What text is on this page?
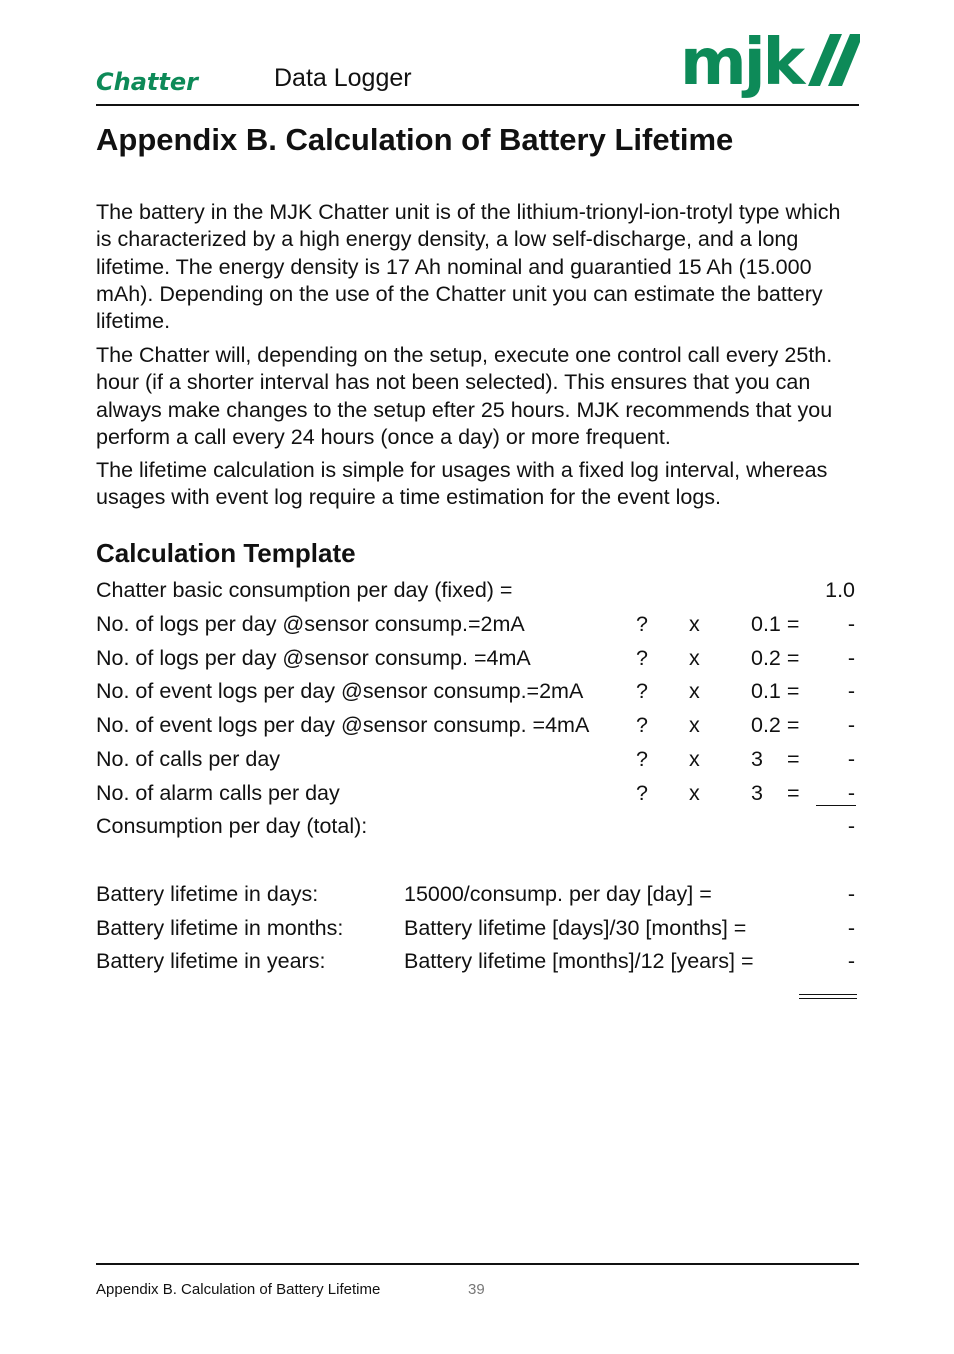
Chatter	Data Logger	mjk
Appendix B. Calculation of Battery Lifetime

The battery in the MJK Chatter unit is of the lithium-trionyl-ion-trotyl type which is characterized by a high energy density, a low self-discharge, and a long lifetime. The energy density is 17 Ah nominal and guarantied 15 Ah (15.000 mAh). Depending on the use of the Chatter unit you can estimate the battery lifetime.

The Chatter will, depending on the setup, execute one control call every 25th. hour (if a shorter interval has not been selected). This ensures that you can always make changes to the setup efter 25 hours. MJK recommends that you perform a call every 24 hours (once a day) or more frequent.

The lifetime calculation is simple for usages with a fixed log interval, whereas usages with event log require a time estimation for the event logs.

Calculation Template
Chatter basic consumption per day (fixed) =	1.0
No. of logs per day @sensor consump.=2mA	? x 0.1 = -
No. of logs per day @sensor consump. =4mA	? x 0.2 = -
No. of event logs per day @sensor consump.=2mA ? x 0.1 = -
No. of event logs per day @sensor consump. =4mA ? x 0.2 = -
No. of calls per day	? x 3 = -
No. of alarm calls per day	? x 3 = -
Consumption per day (total):	-
Battery lifetime in days:	15000/consump. per day [day] =	-
Battery lifetime in months:	Battery lifetime [days]/30 [months] =	-
Battery lifetime in years:	Battery lifetime [months]/12 [years] =	-
Appendix B. Calculation of Battery Lifetime	39
